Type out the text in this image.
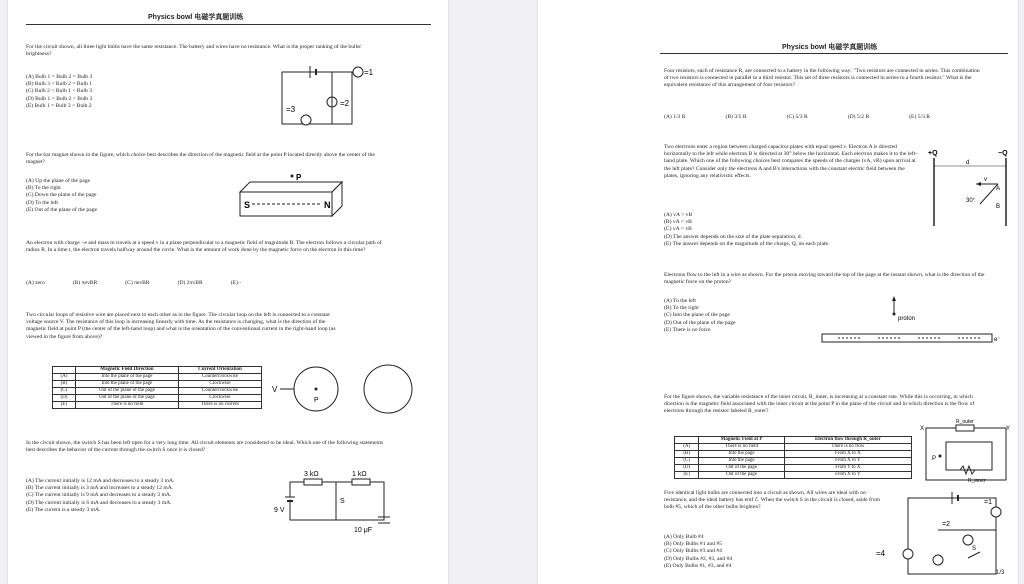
Physics bowl 电磁学真题训练

For the circuit shown, all three light bulbs have the same resistance. The battery and wires have no resistance. What is the proper ranking of the bulbs' brightness?

(A) Bulb 1 = Bulb 2 = Bulb 3
(B) Bulb 3 < Bulb 2 = Bulb 1
(C) Bulb 2 < Bulb 1 < Bulb 3
(D) Bulb 1 = Bulb 2 < Bulb 3
(E) Bulb 1 = Bulb 3 < Bulb 2
=1
=2
=3

For the bar magnet shown in the figure, which choice best describes the direction of the magnetic field at the point P located directly above the center of the magnet?

(A) Up the plane of the page
(B) To the right
(C) Down the plane of the page
(D) To the left
(E) Out of the plane of the page
P
S	N

An electron with charge −e and mass m travels at a speed v in a plane perpendicular to a magnetic field of magnitude B. The electron follows a circular path of radius R. In a time t, the electron travels halfway around the circle. What is the amount of work done by the magnetic force on the electron in this time?

(A) zero	(B) πevBR	(C) πevBR	(D) 2πvBR	(E) -

Two circular loops of resistive wire are placed next to each other as in the figure. The circular loop on the left is connected to a constant voltage source V. The resistance of this loop is increasing linearly with time. As the resistance is changing, what is the direction of the magnetic field at point P (the center of the left-hand loop) and what is the orientation of the conventional current in the right-hand loop (as viewed in the figure from above)?

	Magnetic Field Direction	Current Orientation
(A)	Into the plane of the page	Counterclockwise
(B)	Into the plane of the page	Clockwise
(C)	Out of the plane of the page	Counterclockwise
(D)	Out of the plane of the page	Clockwise
(E)	There is no field	There is no current
V
P

In the circuit shown, the switch S has been left open for a very long time. All circuit elements are considered to be ideal. Which one of the following statements best describes the behavior of the current through the switch S once it is closed?

(A) The current initially is 12 mA and decreases to a steady 3 mA.
(B) The current initially is 3 mA and increases to a steady 12 mA.
(C) The current initially is 9 mA and decreases to a steady 3 mA.
(D) The current initially is 6 mA and decreases to a steady 3 mA.
(E) The current is a steady 3 mA.
3 kΩ	1 kΩ
S
9 V
10 μF
Physics bowl 电磁学真题训练

Four resistors, each of resistance R, are connected to a battery in the following way: "Two resistors are connected in series. This combination of two resistors is connected in parallel to a third resistor. This set of three resistors is connected in series to a fourth resistor." What is the equivalent resistance of this arrangement of four resistors?

(A) 1/3 R	(B) 3/5 R	(C) 5/3 R	(D) 5/2 R	(E) 5/3 R

Two electrons enter a region between charged capacitor plates with equal speed v. Electron A is directed horizontally to the left while electron B is directed at 30° below the horizontal. Each electron makes it to the left-hand plate. Which one of the following choices best compares the speeds of the charges (vA, vB) upon arrival at the left plate? Consider only the electrons A and B's interactions with the constant electric field between the plates, ignoring any relativistic effects.

(A) vA > vB
(B) vA = vB
(C) vA < vB
(D) The answer depends on the size of the plate separation, d.
(E) The answer depends on the magnitude of the charge, Q, on each plate.
+Q	−Q
d
v
A
30°
B

Electrons flow to the left in a wire as shown. For the proton moving toward the top of the page at the instant shown, what is the direction of the magnetic force on the proton?

(A) To the left
(B) To the right
(C) Into the plane of the page
(D) Out of the plane of the page
(E) There is no force
proton
e⁻

For the figure shown, the variable resistance of the inner circuit, R_inner, is increasing at a constant rate. While this is occurring, in which direction is the magnetic field associated with the inner circuit at the point P in the plane of the circuit and in which direction is the flow of electrons through the resistor labeled R_outer?

	Magnetic Field at P	Electron flow through R_outer
(A)	There is no field	There is no flow
(B)	Into the page	From X to X
(C)	Into the page	From X to Y
(D)	Out of the page	From Y to X
(E)	Out of the page	From X to Y
R_outer
X	Y
P
R_inner

Five identical light bulbs are connected into a circuit as shown. All wires are ideal with no resistance, and the ideal battery has emf ℰ. When the switch S in the circuit is closed, aside from bulb #5, which of the other bulbs brighten?

(A) Only Bulb #4
(B) Only Bulbs #1 and #5
(C) Only Bulbs #3 and #4
(D) Only Bulbs #2, #3, and #4
(E) Only Bulbs #1, #3, and #4
=1
=2
=4	S
1/3
